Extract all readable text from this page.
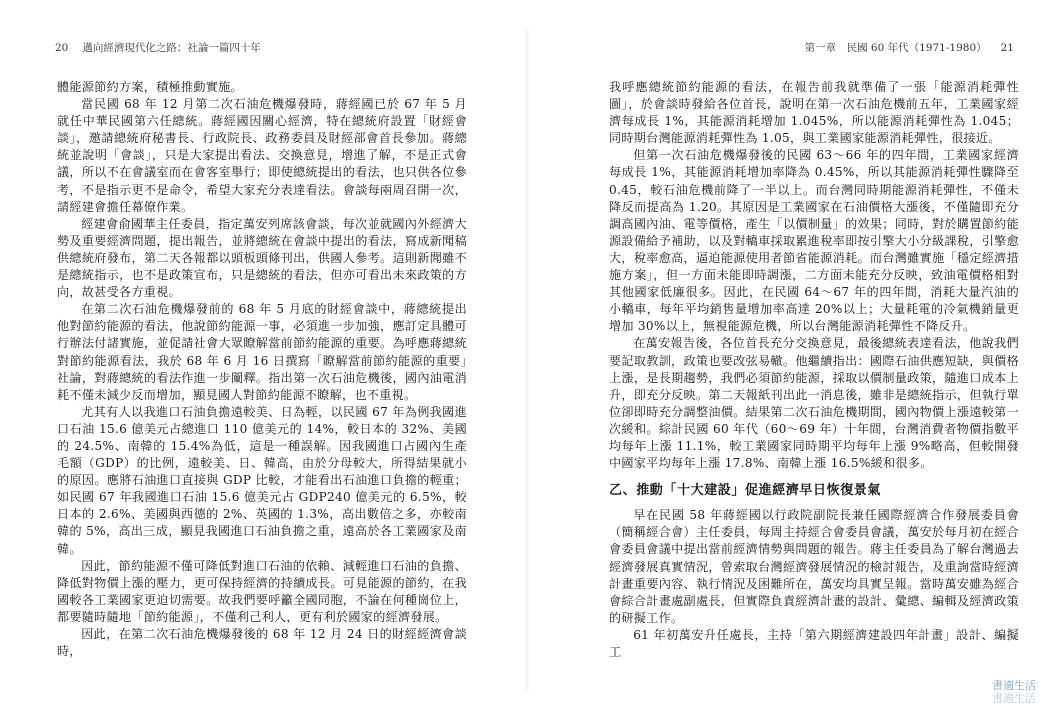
20 邁向經濟現代化之路：社論一篇四十年

體能源節約方案，積極推動實施。

當民國 68 年 12 月第二次石油危機爆發時，蔣經國已於 67 年 5 月就任中華民國第六任總統。蔣經國因關心經濟，特在總統府設置「財經會談」，邀請總統府秘書長、行政院長、政務委員及財經部會首長參加。蔣總統並說明「會談」，只是大家提出看法、交換意見，增進了解，不是正式會議，所以不在會議室而在會客室舉行；即使總統提出的看法，也只供各位參考，不是指示更不是命令，希望大家充分表達看法。會談每兩周召開一次，請經建會擔任幕僚作業。

經建會俞國華主任委員，指定萬安列席該會談，每次並就國內外經濟大勢及重要經濟問題，提出報告，並將總統在會談中提出的看法，寫成新聞稿供總統府發布，第二天各報都以頭板頭條刊出，供國人參考。這則新聞雖不是總統指示，也不是政策宣布，只是總統的看法，但亦可看出未來政策的方向，故甚受各方重視。

在第二次石油危機爆發前的 68 年 5 月底的財經會談中，蔣總統提出他對節約能源的看法，他說節約能源一事，必須進一步加強，應訂定具體可行辦法付諸實施，並促請社會大眾瞭解當前節約能源的重要。為呼應蔣總統對節約能源看法，我於 68 年 6 月 16 日撰寫「瞭解當前節約能源的重要」社論，對蔣總統的看法作進一步闡釋。指出第一次石油危機後，國內油電消耗不僅未減少反而增加，顯見國人對節約能源不瞭解，也不重視。

尤其有人以我進口石油負擔遠較美、日為輕，以民國 67 年為例我國進口石油 15.6 億美元占總進口 110 億美元的 14%，較日本的 32%、美國的 24.5%、南韓的 15.4%為低，這是一種誤解。因我國進口占國內生產毛額（GDP）的比例，遠較美、日、韓高，由於分母較大，所得結果就小的原因。應將石油進口直接與 GDP 比較，才能看出石油進口負擔的輕重；如民國 67 年我國進口石油 15.6 億美元占 GDP240 億美元的 6.5%，較日本的 2.6%、美國與西德的 2%、英國的 1.3%，高出數倍之多，亦較南韓的 5%，高出三成，顯見我國進口石油負擔之重，遠高於各工業國家及南韓。

因此，節約能源不僅可降低對進口石油的依賴、減輕進口石油的負擔、降低對物價上漲的壓力，更可保持經濟的持續成長。可見能源的節約，在我國較各工業國家更迫切需要。故我們要呼籲全國同胞，不論在何種崗位上，都要隨時隨地「節約能源」，不僅利己利人，更有利於國家的經濟發展。

因此，在第二次石油危機爆發後的 68 年 12 月 24 日的財經經濟會談時，

第一章　民國 60 年代（1971-1980） 21

我呼應總統節約能源的看法，在報告前我就準備了一張「能源消耗彈性圖」，於會談時發給各位首長，說明在第一次石油危機前五年，工業國家經濟每成長 1%，其能源消耗增加 1.045%，所以能源消耗彈性為 1.045；同時期台灣能源消耗彈性為 1.05，與工業國家能源消耗彈性，很接近。

但第一次石油危機爆發後的民國 63～66 年的四年間，工業國家經濟每成長 1%，其能源消耗增加率降為 0.45%，所以其能源消耗彈性驟降至 0.45，較石油危機前降了一半以上。而台灣同時期能源消耗彈性，不僅未降反而提高為 1.20。其原因是工業國家在石油價格大漲後，不僅隨即充分調高國內油、電等價格，產生「以價制量」的效果；同時，對於購置節約能源設備給予補助，以及對轎車採取累進稅率即按引擎大小分級課稅，引擎愈大，稅率愈高，逼迫能源使用者節省能源消耗。而台灣雖實施「穩定經濟措施方案」，但一方面未能即時調漲，二方面未能充分反映，致油電價格相對其他國家低廉很多。因此，在民國 64～67 年的四年間，消耗大量汽油的小轎車，每年平均銷售量增加率高達 20%以上；大量耗電的冷氣機銷量更增加 30%以上，無視能源危機，所以台灣能源消耗彈性不降反升。

在萬安報告後，各位首長充分交換意見，最後總統表達看法，他說我們要記取教訓，政策也要改弦易轍。他繼續指出：國際石油供應短缺，與價格上漲，是長期趨勢，我們必須節約能源，採取以價制量政策，隨進口成本上升，即充分反映。第二天報紙刊出此一消息後，雖非是總統指示，但執行單位卻即時充分調整油價。結果第二次石油危機期間，國內物價上漲遠較第一次緩和。綜計民國 60 年代（60～69 年）十年間，台灣消費者物價指數平均每年上漲 11.1%，較工業國家同時期平均每年上漲 9%略高，但較開發中國家平均每年上漲 17.8%、南韓上漲 16.5%緩和很多。

乙、推動「十大建設」促進經濟早日恢復景氣

早在民國 58 年蔣經國以行政院副院長兼任國際經濟合作發展委員會（簡稱經合會）主任委員，每周主持經合會委員會議，萬安於每月初在經合會委員會議中提出當前經濟情勢與問題的報告。蔣主任委員為了解台灣過去經濟發展真實情況，曾索取台灣經濟發展情況的檢討報告，及重詢當時經濟計畫重要內容、執行情況及困難所在，萬安均具實呈報。當時萬安雖為經合會綜合計畫處副處長，但實際負責經濟計畫的設計、彙總、編輯及經濟政策的研擬工作。

61 年初萬安升任處長，主持「第六期經濟建設四年計畫」設計、編擬工

書適生活
書適生活
